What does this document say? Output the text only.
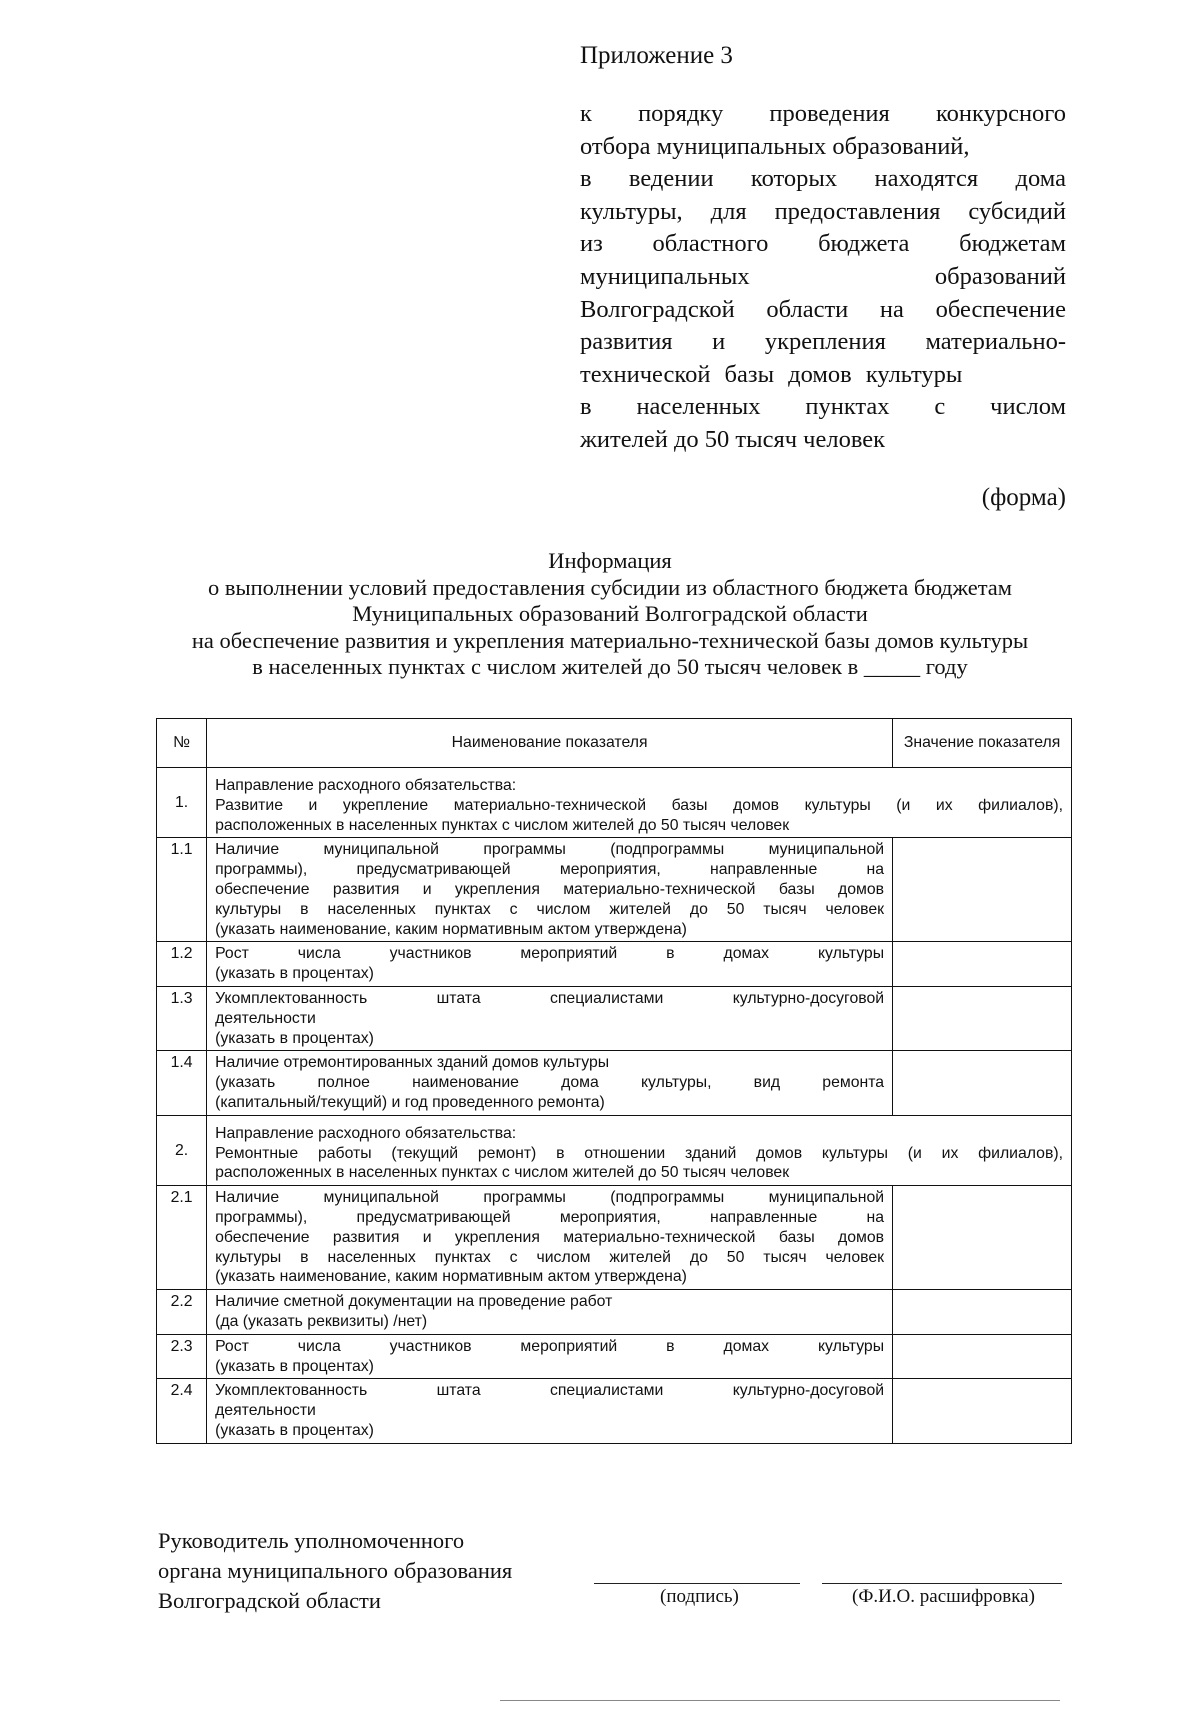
Приложение 3
к порядку проведения конкурсного
отбора муниципальных образований,
в ведении которых находятся дома
культуры, для предоставления субсидий
из областного бюджета бюджетам
муниципальных образований
Волгоградской области на обеспечение
развития и укрепления материально-
технической базы домов культуры
в населенных пунктах с числом
жителей до 50 тысяч человек
(форма)
Информация
о выполнении условий предоставления субсидии из областного бюджета бюджетам
Муниципальных образований Волгоградской области
на обеспечение развития и укрепления материально-технической базы домов культуры
в населенных пунктах с числом жителей до 50 тысяч человек в _____ году
№	Наименование показателя	Значение показателя
1.	Направление расходного обязательства:
Развитие и укрепление материально-технической базы домов культуры (и их филиалов),
расположенных в населенных пунктах с числом жителей до 50 тысяч человек	

1.1	Наличие муниципальной программы (подпрограммы муниципальной
программы), предусматривающей мероприятия, направленные на
обеспечение развития и укрепления материально-технической базы домов
культуры в населенных пунктах с числом жителей до 50 тысяч человек
(указать наименование, каким нормативным актом утверждена)	

1.2	Рост числа участников мероприятий в домах культуры
(указать в процентах)	

1.3	Укомплектованность штата специалистами культурно-досуговой
деятельности
(указать в процентах)	

1.4	Наличие отремонтированных зданий домов культуры
(указать полное наименование дома культуры, вид ремонта
(капитальный/текущий) и год проведенного ремонта)	

2.	Направление расходного обязательства:
Ремонтные работы (текущий ремонт) в отношении зданий домов культуры (и их филиалов),
расположенных в населенных пунктах с числом жителей до 50 тысяч человек	

2.1	Наличие муниципальной программы (подпрограммы муниципальной
программы), предусматривающей мероприятия, направленные на
обеспечение развития и укрепления материально-технической базы домов
культуры в населенных пунктах с числом жителей до 50 тысяч человек
(указать наименование, каким нормативным актом утверждена)	

2.2	Наличие сметной документации на проведение работ
(да (указать реквизиты) /нет)	

2.3	Рост числа участников мероприятий в домах культуры
(указать в процентах)	

2.4	Укомплектованность штата специалистами культурно-досуговой
деятельности
(указать в процентах)	

Руководитель уполномоченного
органа муниципального образования
Волгоградской области	(подпись)	(Ф.И.О. расшифровка)
